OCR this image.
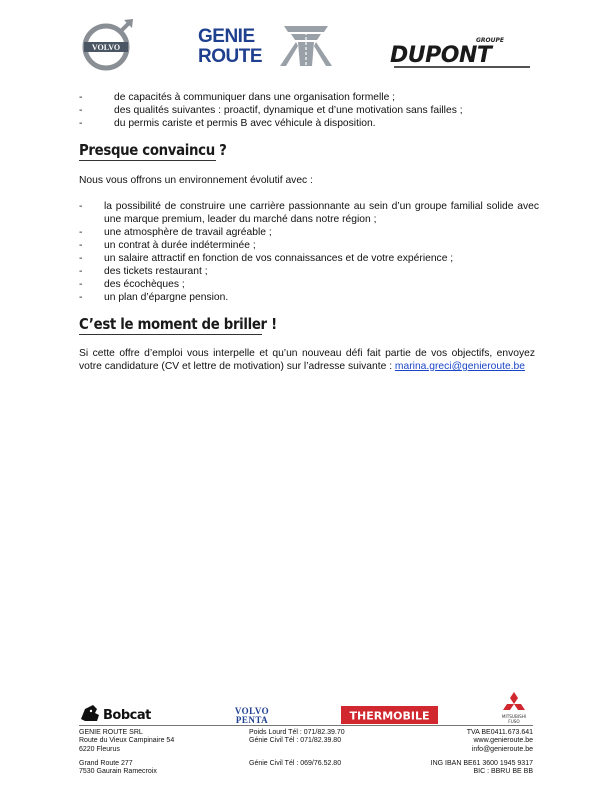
VOLVO
GENIE
ROUTE
GROUPE
DUPONT
-	de capacités à communiquer dans une organisation formelle ;
-	des qualités suivantes : proactif, dynamique et d’une motivation sans failles ;
-	du permis cariste et permis B avec véhicule à disposition.
Presque convaincu ?
Nous vous offrons un environnement évolutif avec :
- la possibilité de construire une carrière passionnante au sein d’un groupe familial solide avec une marque premium, leader du marché dans notre région ;
- une atmosphère de travail agréable ;
- un contrat à durée indéterminée ;
- un salaire attractif en fonction de vos connaissances et de votre expérience ;
- des tickets restaurant ;
- des écochèques ;
- un plan d’épargne pension.
C’est le moment de briller !
Si cette offre d’emploi vous interpelle et qu’un nouveau défi fait partie de vos objectifs, envoyez votre candidature (CV et lettre de motivation) sur l’adresse suivante : marina.greci@genieroute.be
Bobcat	VOLVO
PENTA	THERMOBILE	MITSUBISHI
FUSO
GENIE ROUTE SRL
Route du Vieux Campinaire 54
6220 Fleurus
Grand Route 277
7530 Gaurain Ramecroix
Poids Lourd Tél : 071/82.39.70
Génie Civil Tél : 071/82.39.80
Génie Civil Tél : 069/76.52.80
TVA BE0411.673.641
www.genieroute.be
info@genieroute.be
ING IBAN BE61 3600 1945 9317
BIC : BBRU BE BB
